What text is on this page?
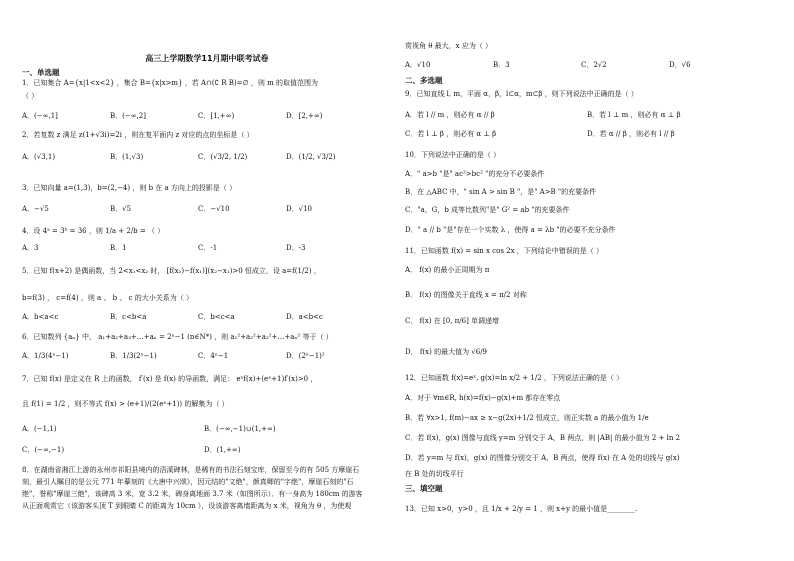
高三上学期数学11月期中联考试卷
一、单选题
1．已知集合 A={x|1<x<2} ，集合 B={x|x>m} ，若 A∩(∁ R B)=∅ ，则 m 的取值范围为
（ ）
A．(−∞,1]	B．(−∞,2]	C．[1,+∞)	D．[2,+∞)
2．若复数 z 满足 z(1+√3i)=2i ，则在复平面内 z 对应的点的坐标是（ ）
A．(√3,1)	B．(1,√3)	C．(√3/2, 1/2)	D．(1/2, √3/2)
3．已知向量 a=(1,3)，b=(2,−4) ，则 b 在 a 方向上的投影是（ ）
A．−√5	B．√5	C．−√10	D．√10
4．设 4ᵃ = 3ᵇ = 36 ，则 1/a + 2/b = （ ）
A．3	B．1	C．-1	D．-3
5．已知 f(x+2) 是偶函数，当 2<x₁<x₂ 时， [f(x₂)−f(x₁)](x₂−x₁)>0 恒成立，设 a=f(1/2) ，
b=f(3) ， c=f(4) ，则 a 、 b 、 c 的大小关系为（ ）
A．b<a<c	B．c<b<a	C．b<c<a	D．a<b<c
6．已知数列 {aₙ} 中， a₁+a₂+a₃+…+aₙ = 2ⁿ−1 (n∈N*) ，则 a₁²+a₂²+a₃²+…+aₙ² 等于（ ）
A．1/3(4ⁿ−1)	B．1/3(2ⁿ−1)	C．4ⁿ−1	D．(2ⁿ−1)²
7．已知 f(x) 是定义在 R 上的函数， f′(x) 是 f(x) 的导函数，满足： eˣf(x)+(eˣ+1)f′(x)>0 ，
且 f(1) = 1/2 ，则不等式 f(x) > (e+1)/(2(eˣ+1)) 的解集为（ ）
A．(−1,1)	B．(−∞,−1)∪(1,+∞)
C．(−∞,−1)	D．(1,+∞)
8．在湖南省湘江上游的永州市祁阳县境内的浯溪碑林，是稀有的书法石刻宝库，保留至今的有 505 方摩崖石
刻，最引人瞩目的是公元 771 年摹刻的《大唐中兴颂》，因元结的"文绝"，颜真卿的"字绝"，摩崖石刻的"石
绝"，誉称"摩崖三绝"，该碑高 3 米，宽 3.2 米，碑身离地面 3.7 米（如图所示）．有一身高为 180cm 的游客
从正面观赏它（该游客头顶 T 到眼睛 C 的距离为 10cm ），设该游客离墙距离为 x 米，视角为 θ ，为使观
赏视角 θ 最大，x 应为（ ）
A．√10	B．3	C．2√2	D．√6
二、多选题
9．已知直线 l, m，平面 α，β，l⊂α，m⊂β ，则下列说法中正确的是（ ）
A．若 l // m ，则必有 α // β	B．若 l ⊥ m ，则必有 α ⊥ β
C．若 l ⊥ β ，则必有 α ⊥ β	D．若 α // β ，则必有 l // β
10．下列说法中正确的是（ ）
A．" a>b "是" ac²>bc² "的充分不必要条件
B．在 △ABC 中，" sin A > sin B "，是" A>B "的充要条件
C．"a，G，b 成等比数列"是" G² = ab "的充要条件
D．" a // b "是"存在一个实数 λ ，使得 a = λb "的必要不充分条件
11．已知函数 f(x) = sin x cos 2x ，下列结论中错误的是（ ）
A． f(x) 的最小正周期为 π
B． f(x) 的图像关于直线 x = π/2 对称
C． f(x) 在 [0, π/6] 单调递增
D． f(x) 的最大值为 √6/9
12．已知函数 f(x)=eˣ, g(x)=ln x/2 + 1/2 ，下列说法正确的是（ ）
A．对于 ∀m∈R, h(x)=f(x)−g(x)+m 都存在零点
B．若 ∀x>1, f(m)−ax ≥ x−g(2x)+1/2 恒成立，则正实数 a 的最小值为 1/e
C．若 f(x)，g(x) 图像与直线 y=m 分别交于 A，B 两点，则 |AB| 的最小值为 2 + ln 2
D．若 y=m 与 f(x)，g(x) 的图像分别交于 A，B 两点，使得 f(x) 在 A 处的切线与 g(x)
在 B 处的切线平行
三、填空题
13．已知 x>0，y>0 ，且 1/x + 2/y = 1 ，则 x+y 的最小值是________.
